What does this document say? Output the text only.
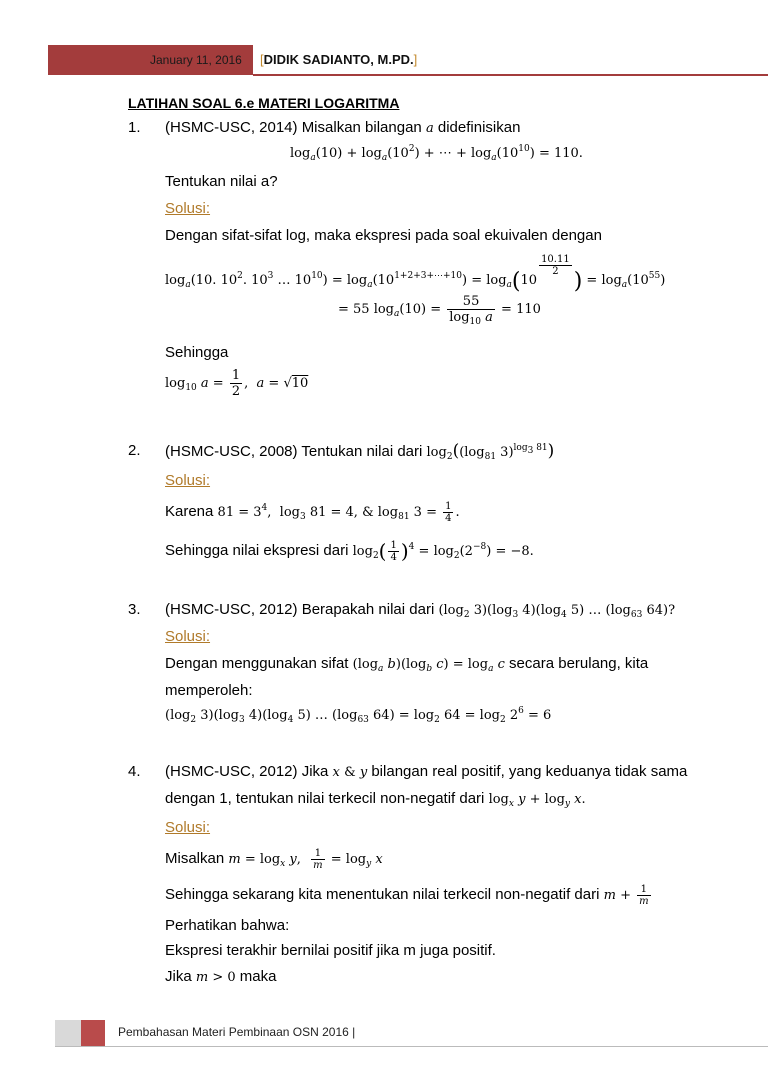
January 11, 2016 [DIDIK SADIANTO, M.PD.]
LATIHAN SOAL 6.e MATERI LOGARITMA
1. (HSMC-USC, 2014) Misalkan bilangan a didefinisikan
$\log_a(10) + \log_a(10^2)$ + ⋯ + $\log_a(10^{10}) = 110$.
Tentukan nilai a?
Solusi:
Dengan sifat-sifat log, maka ekspresi pada soal ekuivalen dengan
$\log_a(10$. $10^2$. $10^3$ … $10^{10}) = \log_a(10^{1+2+3+\cdots+10}) = \log_a(10$
$\frac{10.11}{2}$
) = $\log_a(10^{55})$
= 55 $\log_a(10) = \frac{55}{\log_{10} a} = 110$
Sehingga
$\log_{10} a = \frac{1}{2}$ ,  a = √10
2. (HSMC-USC, 2008) Tentukan nilai dari $\log_2((\log_{81}$ 3)$^{log_3 81}$)
Solusi:
Karena $81 = 3^4$,  $\log_3 81 = 4$, & $\log_{81} 3 = \frac{1}{4}$ .
Sehingga nilai ekspresi dari $\log_2( \frac{1}{4} )^4 = \log_2(2^{-8}) = -8$.
3. (HSMC-USC, 2012) Berapakah nilai dari ($\log_2$ $3)(\log_3$ $4)(\log_4$ 5) … ($\log_{63}$ 64)?
Solusi:
Dengan menggunakan sifat ($\log_a$ $b)(\log_b$ $c) = \log_a c$ secara berulang, kita
memperoleh:
($\log_2$ $3)(\log_3$ $4)(\log_4$ 5) … ($\log_{63}$ $64) = \log_2 64 = \log_2 2^6 = 6$
4. (HSMC-USC, 2012) Jika x & y bilangan real positif, yang keduanya tidak sama
dengan 1, tentukan nilai terkecil non-negatif dari $\log_x y + \log_y x$.
Solusi:
Misalkan $m = \log_x y$, $\frac{1}{m} = \log_y x$
Sehingga sekarang kita menentukan nilai terkecil non-negatif dari $m + \frac{1}{m}$
Perhatikan bahwa:
Ekspresi terakhir bernilai positif jika m juga positif.
Jika m > 0 maka
Pembahasan Materi Pembinaan OSN 2016 |
